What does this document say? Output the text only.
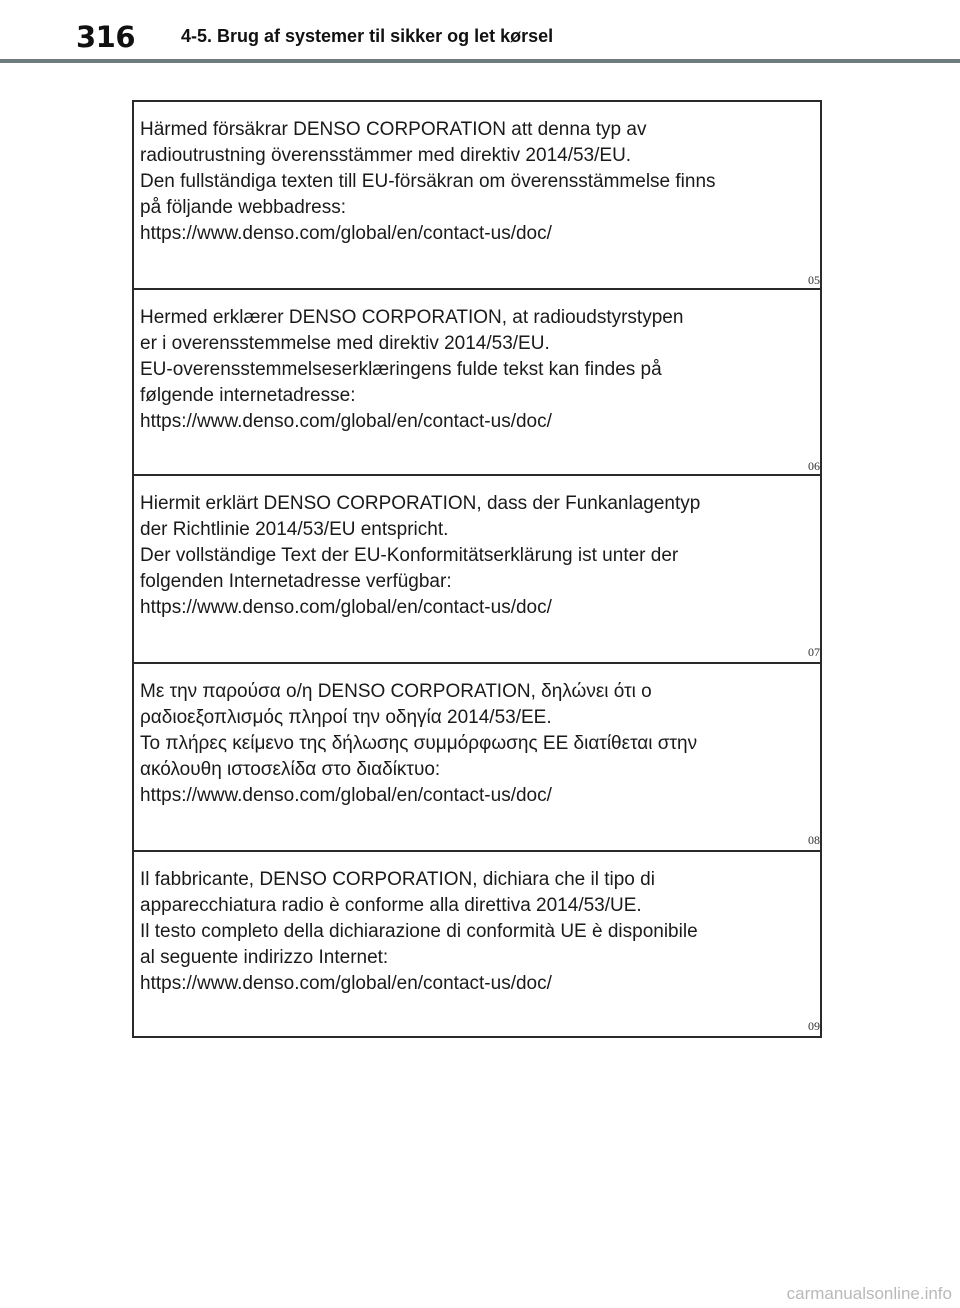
316	4-5. Brug af systemer til sikker og let kørsel
Härmed försäkrar DENSO CORPORATION att denna typ av
radioutrustning överensstämmer med direktiv 2014/53/EU.
Den fullständiga texten till EU-försäkran om överensstämmelse finns
på följande webbadress:
https://www.denso.com/global/en/contact-us/doc/
05
Hermed erklærer DENSO CORPORATION, at radioudstyrstypen
er i overensstemmelse med direktiv 2014/53/EU.
EU-overensstemmelseserklæringens fulde tekst kan findes på
følgende internetadresse:
https://www.denso.com/global/en/contact-us/doc/
06
Hiermit erklärt DENSO CORPORATION, dass der Funkanlagentyp
der Richtlinie 2014/53/EU entspricht.
Der vollständige Text der EU-Konformitätserklärung ist unter der
folgenden Internetadresse verfügbar:
https://www.denso.com/global/en/contact-us/doc/
07
Με την παρούσα ο/η DENSO CORPORATION, δηλώνει ότι ο
ραδιοεξοπλισμός πληροί την οδηγία 2014/53/ΕΕ.
Το πλήρες κείμενο της δήλωσης συμμόρφωσης ΕΕ διατίθεται στην
ακόλουθη ιστοσελίδα στο διαδίκτυο:
https://www.denso.com/global/en/contact-us/doc/
08
Il fabbricante, DENSO CORPORATION, dichiara che il tipo di
apparecchiatura radio è conforme alla direttiva 2014/53/UE.
Il testo completo della dichiarazione di conformità UE è disponibile
al seguente indirizzo Internet:
https://www.denso.com/global/en/contact-us/doc/
09
carmanualsonline.info
